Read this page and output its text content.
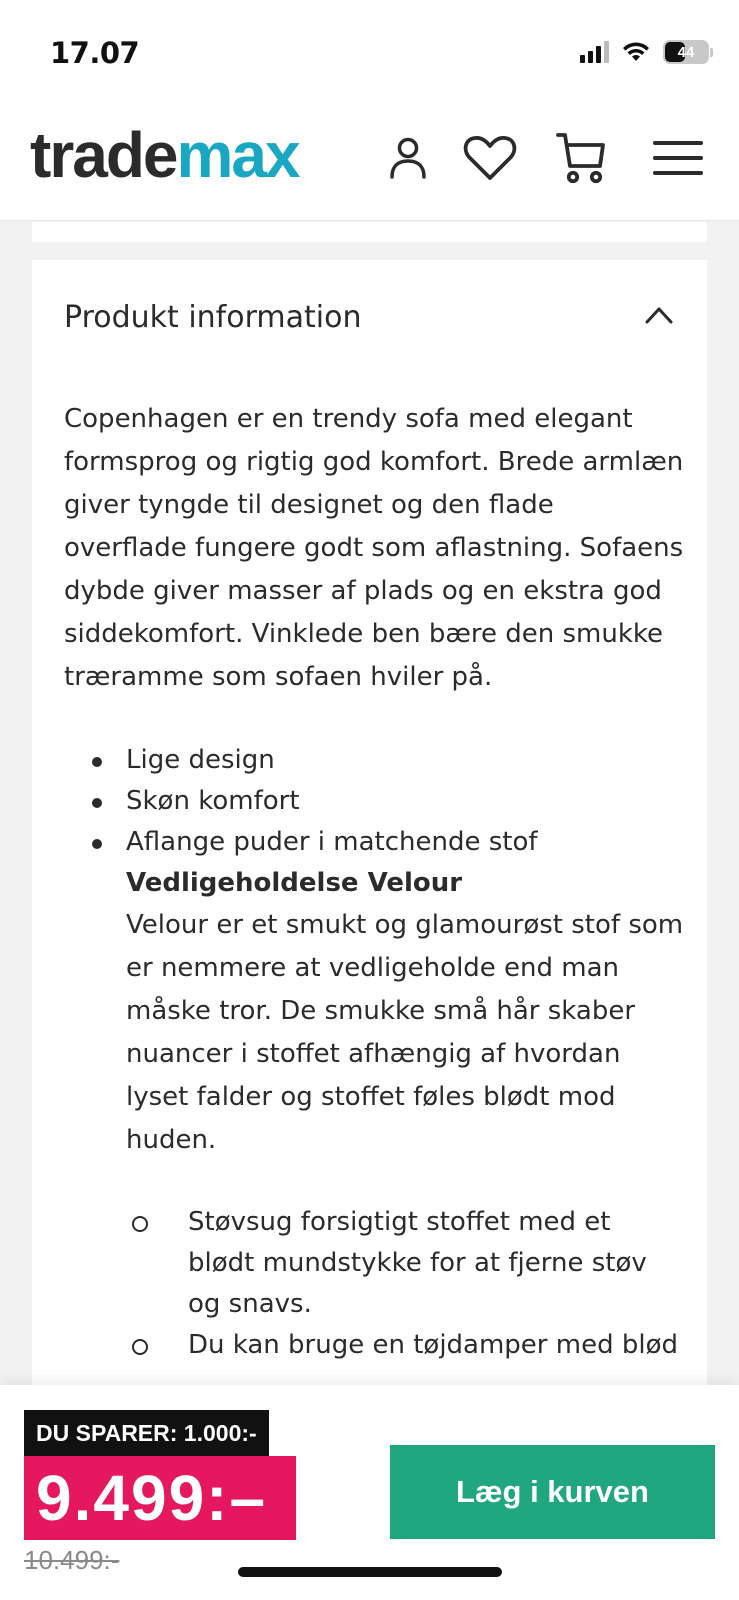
17.07	44
trademax
Produkt information

Copenhagen er en trendy sofa med elegant formsprog og rigtig god komfort. Brede armlæn giver tyngde til designet og den flade overflade fungere godt som aflastning. Sofaens dybde giver masser af plads og en ekstra god siddekomfort. Vinklede ben bære den smukke træramme som sofaen hviler på.

Lige design
Skøn komfort
Aflange puder i matchende stof
Vedligeholdelse Velour
Velour er et smukt og glamourøst stof som er nemmere at vedligeholde end man måske tror. De smukke små hår skaber nuancer i stoffet afhængig af hvordan lyset falder og stoffet føles blødt mod huden.
Støvsug forsigtigt stoffet med et blødt mundstykke for at fjerne støv og snavs.
Du kan bruge en tøjdamper med blød
DU SPARER: 1.000:-
9.499:–
10.499:-
Læg i kurven
